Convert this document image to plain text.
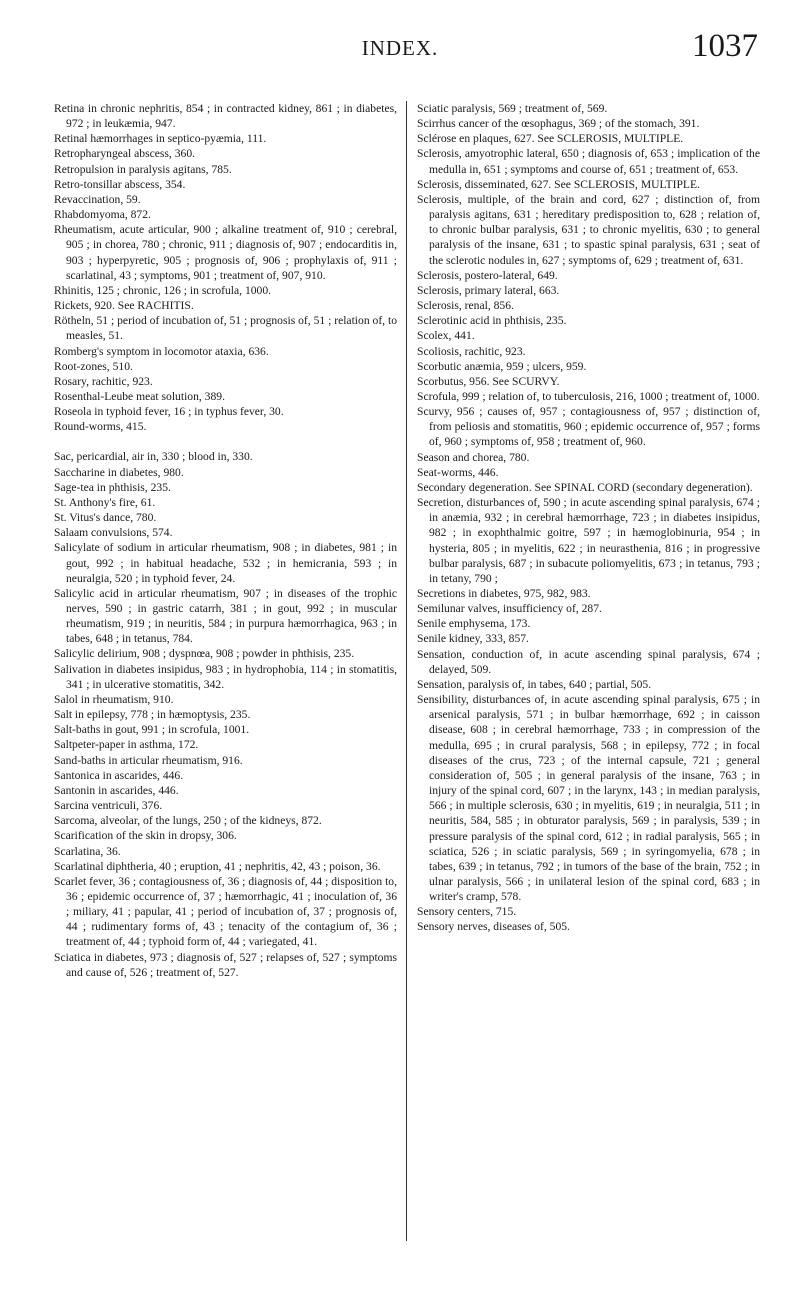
INDEX.	1037

Retina in chronic nephritis, 854 ; in contracted kidney, 861 ; in diabetes, 972 ; in leukæmia, 947.

Retinal hæmorrhages in septico-pyæmia, 111.

Retropharyngeal abscess, 360.

Retropulsion in paralysis agitans, 785.

Retro-tonsillar abscess, 354.

Revaccination, 59.

Rhabdomyoma, 872.

Rheumatism, acute articular, 900 ; alkaline treatment of, 910 ; cerebral, 905 ; in chorea, 780 ; chronic, 911 ; diagnosis of, 907 ; endocarditis in, 903 ; hyperpyretic, 905 ; prognosis of, 906 ; prophylaxis of, 911 ; scarlatinal, 43 ; symptoms, 901 ; treatment of, 907, 910.

Rhinitis, 125 ; chronic, 126 ; in scrofula, 1000.

Rickets, 920. See RACHITIS.

Rötheln, 51 ; period of incubation of, 51 ; prognosis of, 51 ; relation of, to measles, 51.

Romberg's symptom in locomotor ataxia, 636.

Root-zones, 510.

Rosary, rachitic, 923.

Rosenthal-Leube meat solution, 389.

Roseola in typhoid fever, 16 ; in typhus fever, 30.

Round-worms, 415.

Sac, pericardial, air in, 330 ; blood in, 330.

Saccharine in diabetes, 980.

Sage-tea in phthisis, 235.

St. Anthony's fire, 61.

St. Vitus's dance, 780.

Salaam convulsions, 574.

Salicylate of sodium in articular rheumatism, 908 ; in diabetes, 981 ; in gout, 992 ; in habitual headache, 532 ; in hemicrania, 593 ; in neuralgia, 520 ; in typhoid fever, 24.

Salicylic acid in articular rheumatism, 907 ; in diseases of the trophic nerves, 590 ; in gastric catarrh, 381 ; in gout, 992 ; in muscular rheumatism, 919 ; in neuritis, 584 ; in purpura hæmorrhagica, 963 ; in tabes, 648 ; in tetanus, 784.

Salicylic delirium, 908 ; dyspnœa, 908 ; powder in phthisis, 235.

Salivation in diabetes insipidus, 983 ; in hydrophobia, 114 ; in stomatitis, 341 ; in ulcerative stomatitis, 342.

Salol in rheumatism, 910.

Salt in epilepsy, 778 ; in hæmoptysis, 235.

Salt-baths in gout, 991 ; in scrofula, 1001.

Saltpeter-paper in asthma, 172.

Sand-baths in articular rheumatism, 916.

Santonica in ascarides, 446.

Santonin in ascarides, 446.

Sarcina ventriculi, 376.

Sarcoma, alveolar, of the lungs, 250 ; of the kidneys, 872.

Scarification of the skin in dropsy, 306.

Scarlatina, 36.

Scarlatinal diphtheria, 40 ; eruption, 41 ; nephritis, 42, 43 ; poison, 36.

Scarlet fever, 36 ; contagiousness of, 36 ; diagnosis of, 44 ; disposition to, 36 ; epidemic occurrence of, 37 ; hæmorrhagic, 41 ; inoculation of, 36 ; miliary, 41 ; papular, 41 ; period of incubation of, 37 ; prognosis of, 44 ; rudimentary forms of, 43 ; tenacity of the contagium of, 36 ; treatment of, 44 ; typhoid form of, 44 ; variegated, 41.

Sciatica in diabetes, 973 ; diagnosis of, 527 ; relapses of, 527 ; symptoms and cause of, 526 ; treatment of, 527.

Sciatic paralysis, 569 ; treatment of, 569.

Scirrhus cancer of the œsophagus, 369 ; of the stomach, 391.

Sclérose en plaques, 627. See SCLEROSIS, MULTIPLE.

Sclerosis, amyotrophic lateral, 650 ; diagnosis of, 653 ; implication of the medulla in, 651 ; symptoms and course of, 651 ; treatment of, 653.

Sclerosis, disseminated, 627. See SCLEROSIS, MULTIPLE.

Sclerosis, multiple, of the brain and cord, 627 ; distinction of, from paralysis agitans, 631 ; hereditary predisposition to, 628 ; relation of, to chronic bulbar paralysis, 631 ; to chronic myelitis, 630 ; to general paralysis of the insane, 631 ; to spastic spinal paralysis, 631 ; seat of the sclerotic nodules in, 627 ; symptoms of, 629 ; treatment of, 631.

Sclerosis, postero-lateral, 649.

Sclerosis, primary lateral, 663.

Sclerosis, renal, 856.

Sclerotinic acid in phthisis, 235.

Scolex, 441.

Scoliosis, rachitic, 923.

Scorbutic anæmia, 959 ; ulcers, 959.

Scorbutus, 956. See SCURVY.

Scrofula, 999 ; relation of, to tuberculosis, 216, 1000 ; treatment of, 1000.

Scurvy, 956 ; causes of, 957 ; contagiousness of, 957 ; distinction of, from peliosis and stomatitis, 960 ; epidemic occurrence of, 957 ; forms of, 960 ; symptoms of, 958 ; treatment of, 960.

Season and chorea, 780.

Seat-worms, 446.

Secondary degeneration. See SPINAL CORD (secondary degeneration).

Secretion, disturbances of, 590 ; in acute ascending spinal paralysis, 674 ; in anæmia, 932 ; in cerebral hæmorrhage, 723 ; in diabetes insipidus, 982 ; in exophthalmic goitre, 597 ; in hæmoglobinuria, 954 ; in hysteria, 805 ; in myelitis, 622 ; in neurasthenia, 816 ; in progressive bulbar paralysis, 687 ; in subacute poliomyelitis, 673 ; in tetanus, 793 ; in tetany, 790 ;

Secretions in diabetes, 975, 982, 983.

Semilunar valves, insufficiency of, 287.

Senile emphysema, 173.

Senile kidney, 333, 857.

Sensation, conduction of, in acute ascending spinal paralysis, 674 ; delayed, 509.

Sensation, paralysis of, in tabes, 640 ; partial, 505.

Sensibility, disturbances of, in acute ascending spinal paralysis, 675 ; in arsenical paralysis, 571 ; in bulbar hæmorrhage, 692 ; in caisson disease, 608 ; in cerebral hæmorrhage, 733 ; in compression of the medulla, 695 ; in crural paralysis, 568 ; in epilepsy, 772 ; in focal diseases of the crus, 723 ; of the internal capsule, 721 ; general consideration of, 505 ; in general paralysis of the insane, 763 ; in injury of the spinal cord, 607 ; in the larynx, 143 ; in median paralysis, 566 ; in multiple sclerosis, 630 ; in myelitis, 619 ; in neuralgia, 511 ; in neuritis, 584, 585 ; in obturator paralysis, 569 ; in paralysis, 539 ; in pressure paralysis of the spinal cord, 612 ; in radial paralysis, 565 ; in sciatica, 526 ; in sciatic paralysis, 569 ; in syringomyelia, 678 ; in tabes, 639 ; in tetanus, 792 ; in tumors of the base of the brain, 752 ; in ulnar paralysis, 566 ; in unilateral lesion of the spinal cord, 683 ; in writer's cramp, 578.

Sensory centers, 715.

Sensory nerves, diseases of, 505.
